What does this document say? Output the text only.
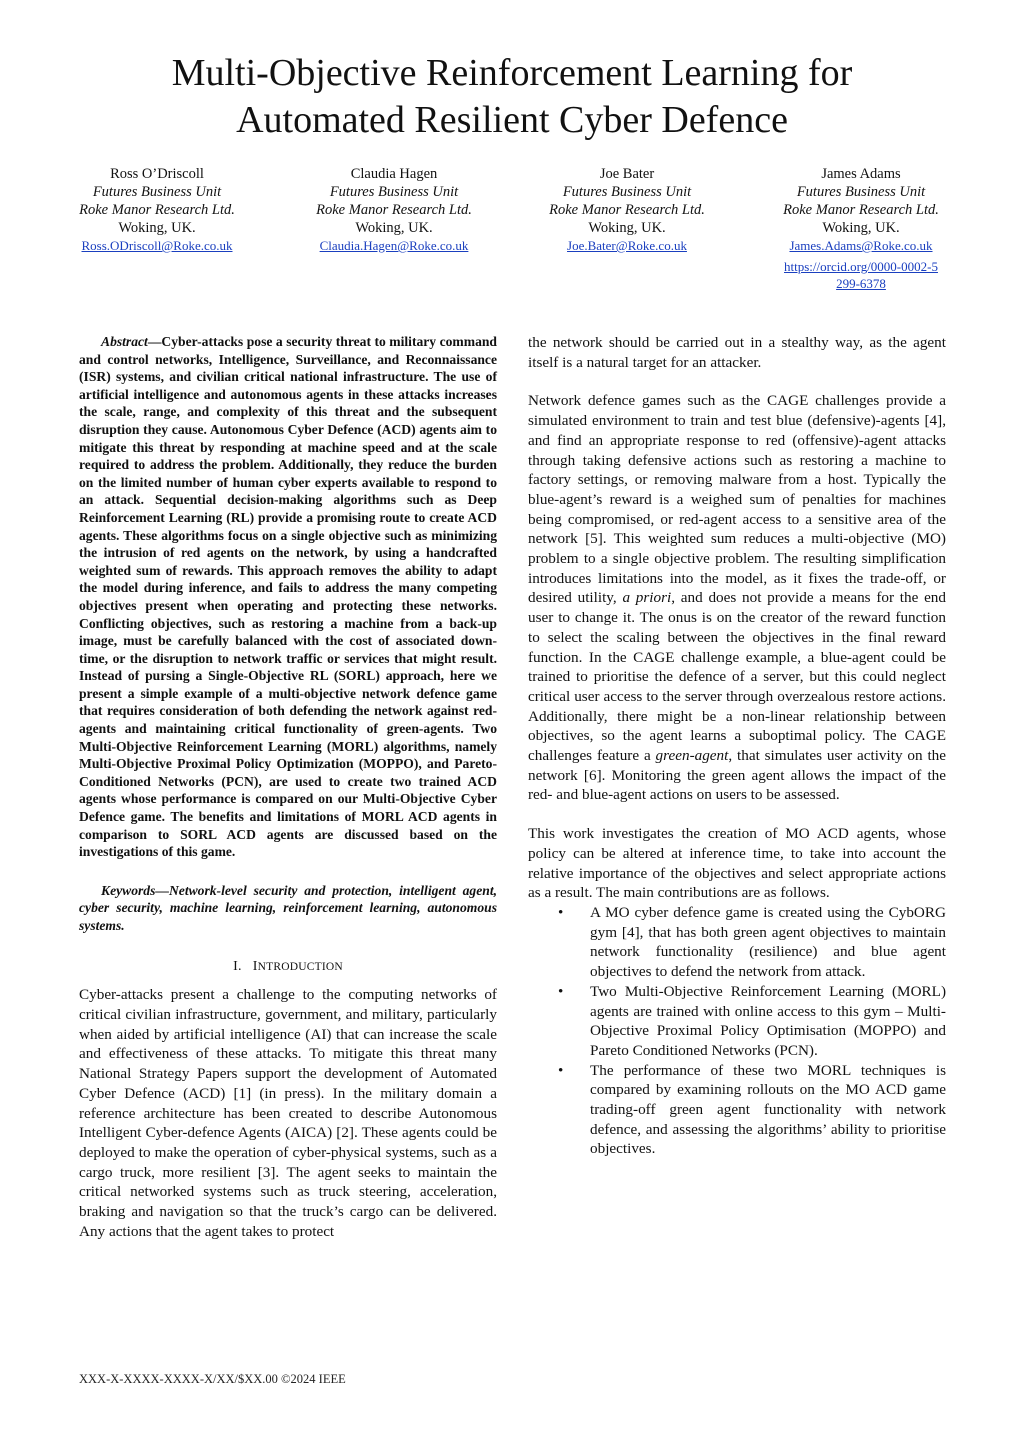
Multi-Objective Reinforcement Learning for
Automated Resilient Cyber Defence
Ross O’Driscoll
Futures Business Unit
Roke Manor Research Ltd.
Woking, UK.
Ross.ODriscoll@Roke.co.uk
Claudia Hagen
Futures Business Unit
Roke Manor Research Ltd.
Woking, UK.
Claudia.Hagen@Roke.co.uk
Joe Bater
Futures Business Unit
Roke Manor Research Ltd.
Woking, UK.
Joe.Bater@Roke.co.uk
James Adams
Futures Business Unit
Roke Manor Research Ltd.
Woking, UK.
James.Adams@Roke.co.uk
https://orcid.org/0000-0002-5299-6378

Abstract—Cyber-attacks pose a security threat to military command and control networks, Intelligence, Surveillance, and Reconnaissance (ISR) systems, and civilian critical national infrastructure. The use of artificial intelligence and autonomous agents in these attacks increases the scale, range, and complexity of this threat and the subsequent disruption they cause. Autonomous Cyber Defence (ACD) agents aim to mitigate this threat by responding at machine speed and at the scale required to address the problem. Additionally, they reduce the burden on the limited number of human cyber experts available to respond to an attack. Sequential decision-making algorithms such as Deep Reinforcement Learning (RL) provide a promising route to create ACD agents. These algorithms focus on a single objective such as minimizing the intrusion of red agents on the network, by using a handcrafted weighted sum of rewards. This approach removes the ability to adapt the model during inference, and fails to address the many competing objectives present when operating and protecting these networks. Conflicting objectives, such as restoring a machine from a back-up image, must be carefully balanced with the cost of associated down-time, or the disruption to network traffic or services that might result. Instead of pursing a Single-Objective RL (SORL) approach, here we present a simple example of a multi-objective network defence game that requires consideration of both defending the network against red-agents and maintaining critical functionality of green-agents. Two Multi-Objective Reinforcement Learning (MORL) algorithms, namely Multi-Objective Proximal Policy Optimization (MOPPO), and Pareto-Conditioned Networks (PCN), are used to create two trained ACD agents whose performance is compared on our Multi-Objective Cyber Defence game. The benefits and limitations of MORL ACD agents in comparison to SORL ACD agents are discussed based on the investigations of this game.

Keywords—Network-level security and protection, intelligent agent, cyber security, machine learning, reinforcement learning, autonomous systems.

I. INTRODUCTION

Cyber-attacks present a challenge to the computing networks of critical civilian infrastructure, government, and military, particularly when aided by artificial intelligence (AI) that can increase the scale and effectiveness of these attacks. To mitigate this threat many National Strategy Papers support the development of Automated Cyber Defence (ACD) [1] (in press). In the military domain a reference architecture has been created to describe Autonomous Intelligent Cyber-defence Agents (AICA) [2]. These agents could be deployed to make the operation of cyber-physical systems, such as a cargo truck, more resilient [3]. The agent seeks to maintain the critical networked systems such as truck steering, acceleration, braking and navigation so that the truck’s cargo can be delivered. Any actions that the agent takes to protect

the network should be carried out in a stealthy way, as the agent itself is a natural target for an attacker.

Network defence games such as the CAGE challenges provide a simulated environment to train and test blue (defensive)-agents [4], and find an appropriate response to red (offensive)-agent attacks through taking defensive actions such as restoring a machine to factory settings, or removing malware from a host. Typically the blue-agent’s reward is a weighed sum of penalties for machines being compromised, or red-agent access to a sensitive area of the network [5]. This weighted sum reduces a multi-objective (MO) problem to a single objective problem. The resulting simplification introduces limitations into the model, as it fixes the trade-off, or desired utility, a priori, and does not provide a means for the end user to change it. The onus is on the creator of the reward function to select the scaling between the objectives in the final reward function. In the CAGE challenge example, a blue-agent could be trained to prioritise the defence of a server, but this could neglect critical user access to the server through overzealous restore actions. Additionally, there might be a non-linear relationship between objectives, so the agent learns a suboptimal policy. The CAGE challenges feature a green-agent, that simulates user activity on the network [6]. Monitoring the green agent allows the impact of the red- and blue-agent actions on users to be assessed.

This work investigates the creation of MO ACD agents, whose policy can be altered at inference time, to take into account the relative importance of the objectives and select appropriate actions as a result. The main contributions are as follows.

• A MO cyber defence game is created using the CybORG gym [4], that has both green agent objectives to maintain network functionality (resilience) and blue agent objectives to defend the network from attack.
• Two Multi-Objective Reinforcement Learning (MORL) agents are trained with online access to this gym – Multi-Objective Proximal Policy Optimisation (MOPPO) and Pareto Conditioned Networks (PCN).
• The performance of these two MORL techniques is compared by examining rollouts on the MO ACD game trading-off green agent functionality with network defence, and assessing the algorithms’ ability to prioritise objectives.
XXX-X-XXXX-XXXX-X/XX/$XX.00 ©2024 IEEE
